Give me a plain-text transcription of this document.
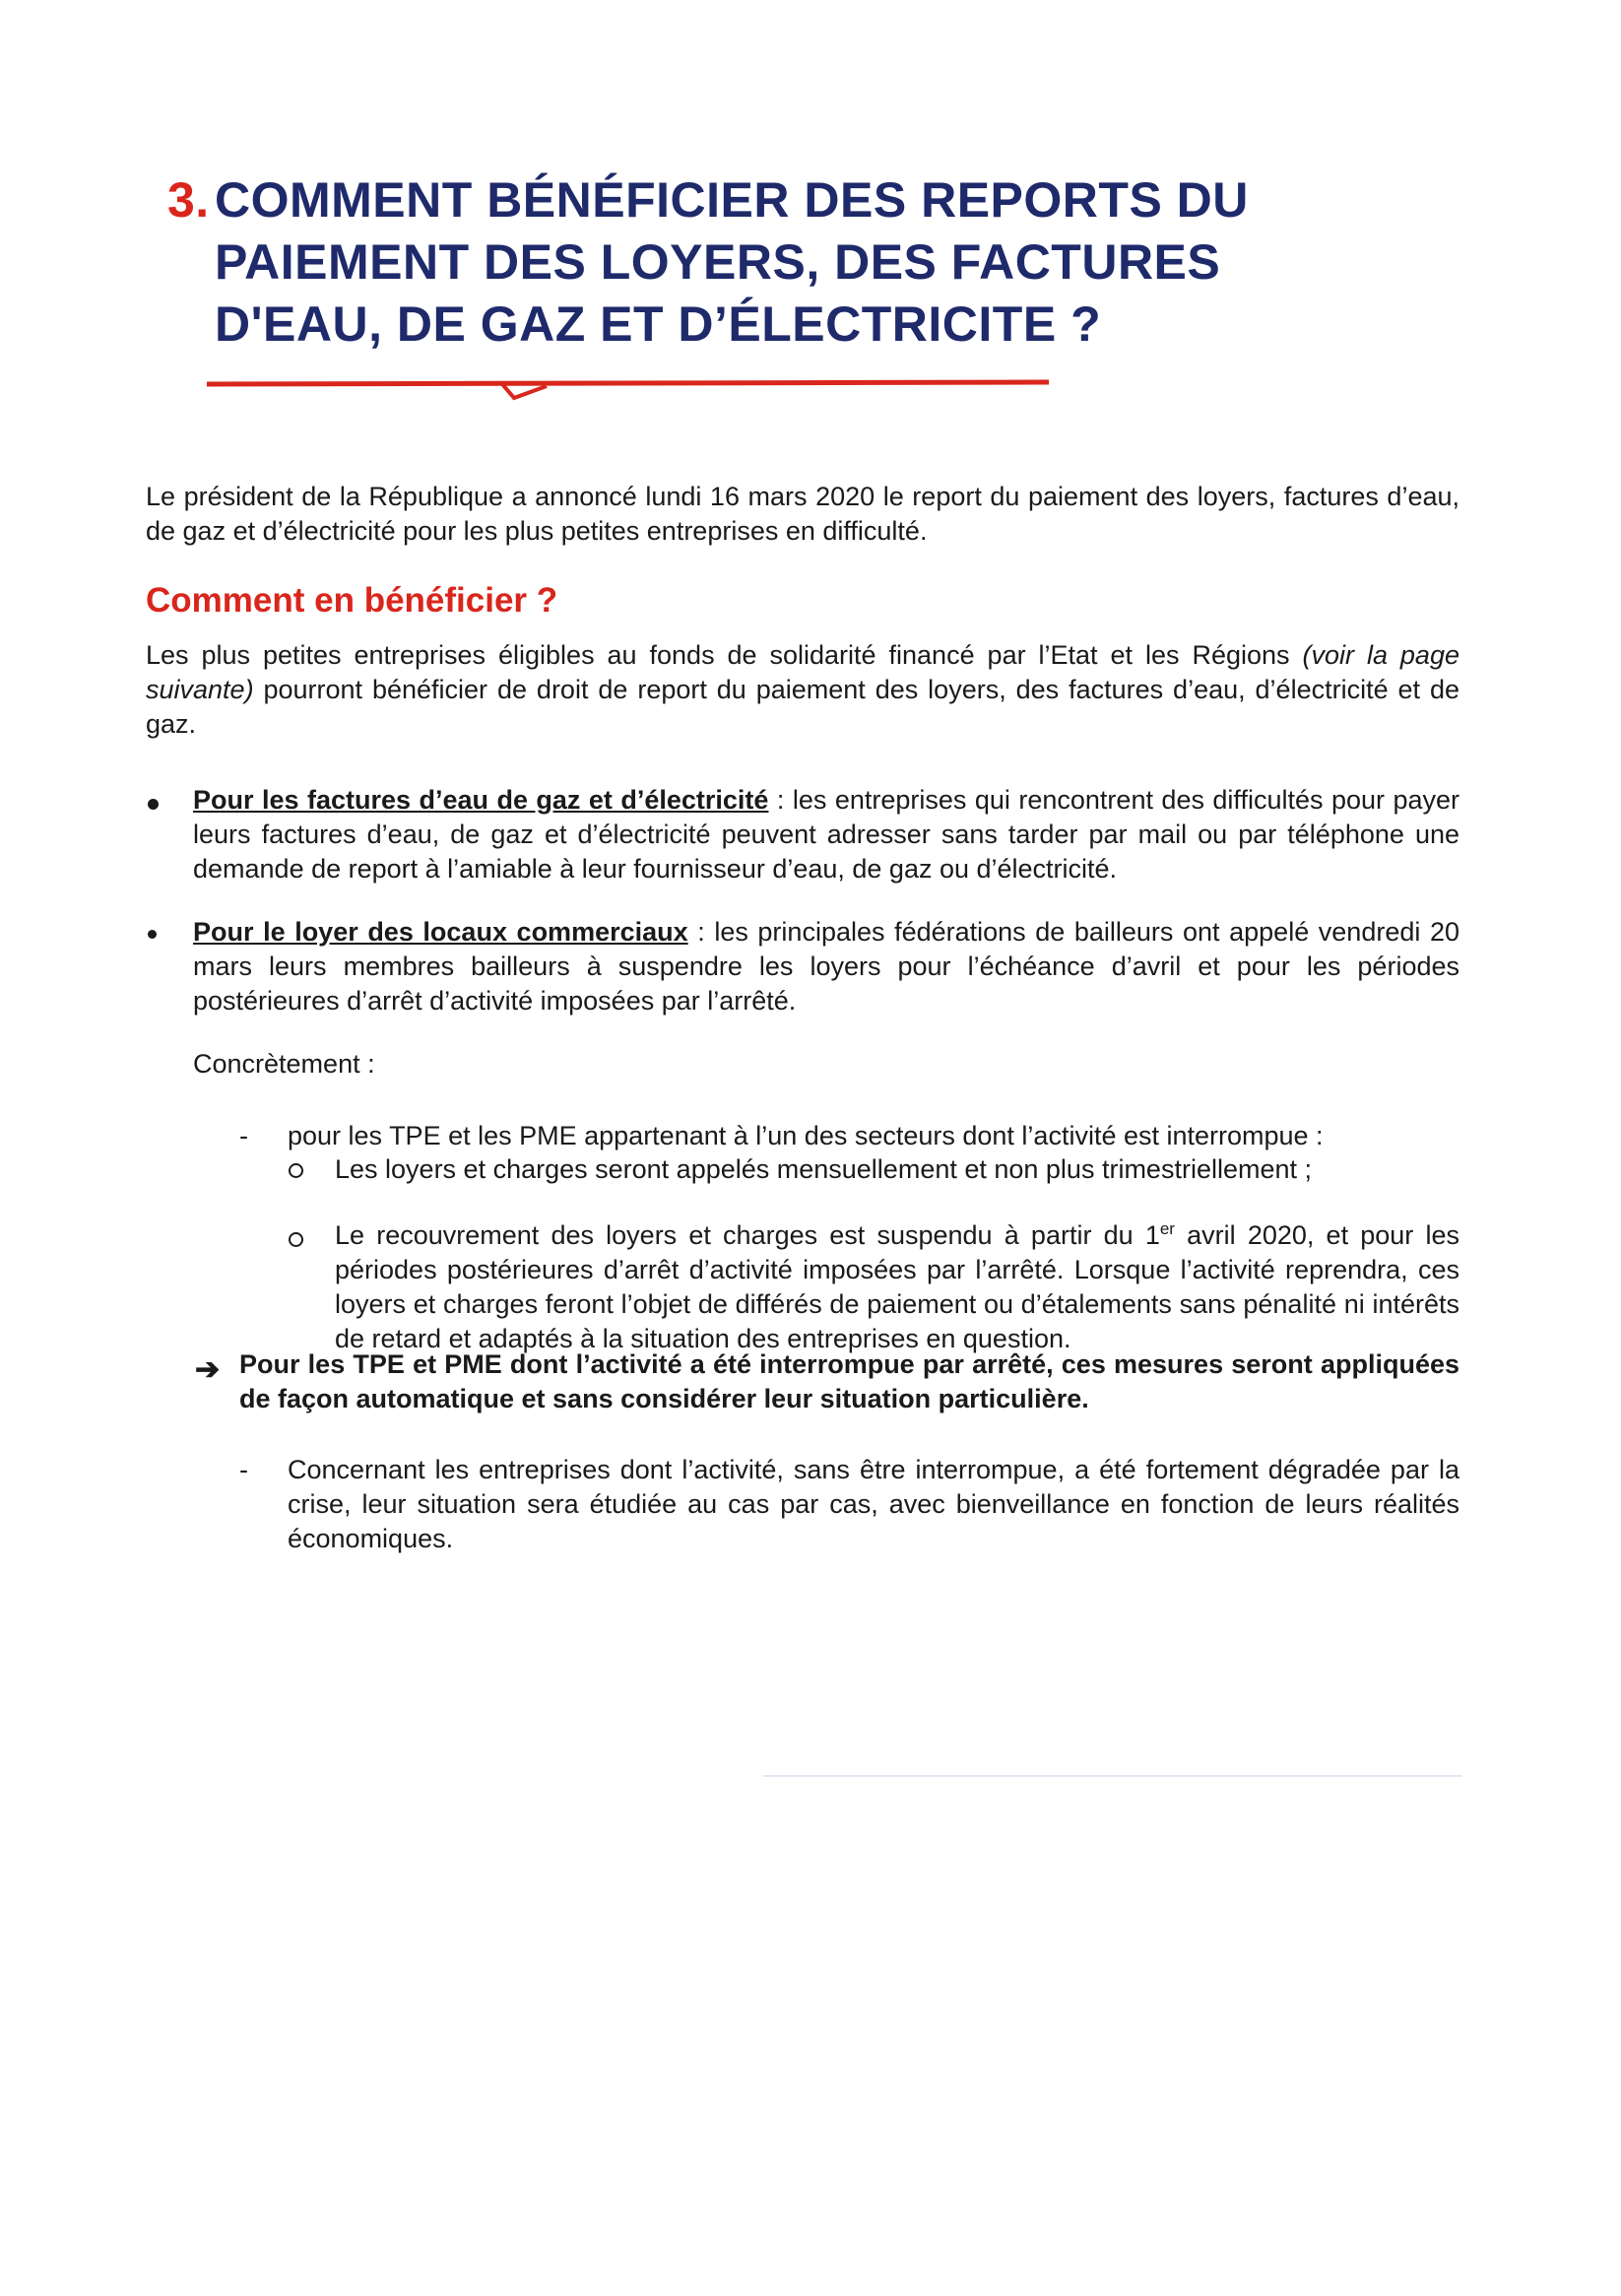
3. COMMENT BÉNÉFICIER DES REPORTS DU
PAIEMENT DES LOYERS, DES FACTURES
D'EAU, DE GAZ ET D’ÉLECTRICITE ?
Le président de la République a annoncé lundi 16 mars 2020 le report du paiement des loyers, factures d’eau, de gaz et d’électricité pour les plus petites entreprises en difficulté.
Comment en bénéficier ?
Les plus petites entreprises éligibles au fonds de solidarité financé par l’Etat et les Régions (voir la page suivante) pourront bénéficier de droit de report du paiement des loyers, des factures d’eau, d’électricité et de gaz.
Pour les factures d’eau de gaz et d’électricité : les entreprises qui rencontrent des difficultés pour payer leurs factures d’eau, de gaz et d’électricité peuvent adresser sans tarder par mail ou par téléphone une demande de report à l’amiable à leur fournisseur d’eau, de gaz ou d’électricité.
Pour le loyer des locaux commerciaux : les principales fédérations de bailleurs ont appelé vendredi 20 mars leurs membres bailleurs à suspendre les loyers pour l’échéance d’avril et pour les périodes postérieures d’arrêt d’activité imposées par l’arrêté.
Concrètement :
- pour les TPE et les PME appartenant à l’un des secteurs dont l’activité est interrompue :
Les loyers et charges seront appelés mensuellement et non plus trimestriellement ;
Le recouvrement des loyers et charges est suspendu à partir du 1er avril 2020, et pour les périodes postérieures d’arrêt d’activité imposées par l’arrêté. Lorsque l’activité reprendra, ces loyers et charges feront l’objet de différés de paiement ou d’étalements sans pénalité ni intérêts de retard et adaptés à la situation des entreprises en question.
➔ Pour les TPE et PME dont l’activité a été interrompue par arrêté, ces mesures seront appliquées de façon automatique et sans considérer leur situation particulière.
- Concernant les entreprises dont l’activité, sans être interrompue, a été fortement dégradée par la crise, leur situation sera étudiée au cas par cas, avec bienveillance en fonction de leurs réalités économiques.
